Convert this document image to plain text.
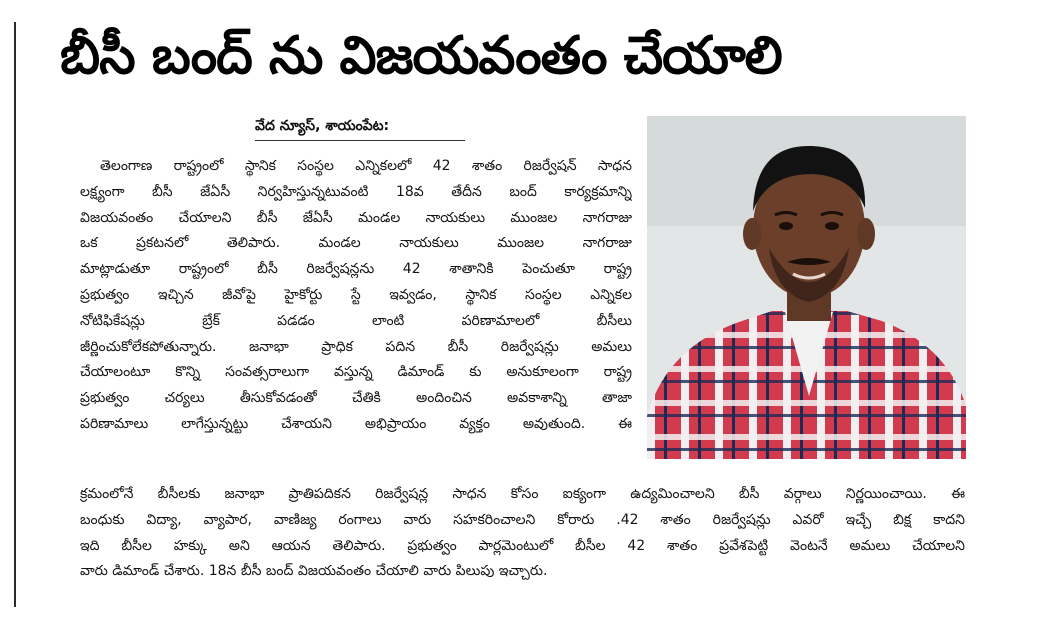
బీసీ బంద్ ను విజయవంతం చేయాలి
వేద న్యూస్, శాయంపేట:
తెలంగాణ రాష్ట్రంలో స్థానిక సంస్థల ఎన్నికలలో 42 శాతం రిజర్వేషన్ సాధన
లక్ష్యంగా బీసీ జేఏసీ నిర్వహిస్తున్నటువంటి 18వ తేదీన బంద్ కార్యక్రమాన్ని
విజయవంతం చేయాలని బీసీ జేఏసీ మండల నాయకులు ముంజల నాగరాజు
ఒక ప్రకటనలో తెలిపారు. మండల నాయకులు ముంజల నాగరాజు
మాట్లాడుతూ రాష్ట్రంలో బీసీ రిజర్వేషన్లను 42 శాతానికి పెంచుతూ రాష్ట్ర
ప్రభుత్వం ఇచ్చిన జీవోపై హైకోర్టు స్టే ఇవ్వడం, స్థానిక సంస్థల ఎన్నికల
నోటిఫికేషన్లు బ్రేక్ పడడం లాంటి పరిణామాలలో బీసీలు
జీర్ణించుకోలేకపోతున్నారు. జనాభా ప్రాధిక పదిన బీసీ రిజర్వేషన్లు అమలు
చేయాలంటూ కొన్ని సంవత్సరాలుగా వస్తున్న డిమాండ్ కు అనుకూలంగా రాష్ట్ర
ప్రభుత్వం చర్యలు తీసుకోవడంతో చేతికి అందించిన అవకాశాన్ని తాజా
పరిణామాలు లాగేస్తున్నట్టు చేశాయని అభిప్రాయం వ్యక్తం అవుతుంది. ఈ
క్రమంలోనే బీసీలకు జనాభా ప్రాతిపదికన రిజర్వేషన్ల సాధన కోసం ఐక్యంగా ఉద్యమించాలని బీసీ వర్గాలు నిర్ణయించాయి. ఈ
బంధుకు విద్యా, వ్యాపార, వాణిజ్య రంగాలు వారు సహకరించాలని కోరారు .42 శాతం రిజర్వేషన్లు ఎవరో ఇచ్చే బిక్ష కాదని
ఇది బీసీల హక్కు అని ఆయన తెలిపారు. ప్రభుత్వం పార్లమెంటులో బీసీల 42 శాతం ప్రవేశపెట్టి వెంటనే అమలు చేయాలని
వారు డిమాండ్ చేశారు. 18న బీసీ బంద్ విజయవంతం చేయాలి వారు పిలుపు ఇచ్చారు.
